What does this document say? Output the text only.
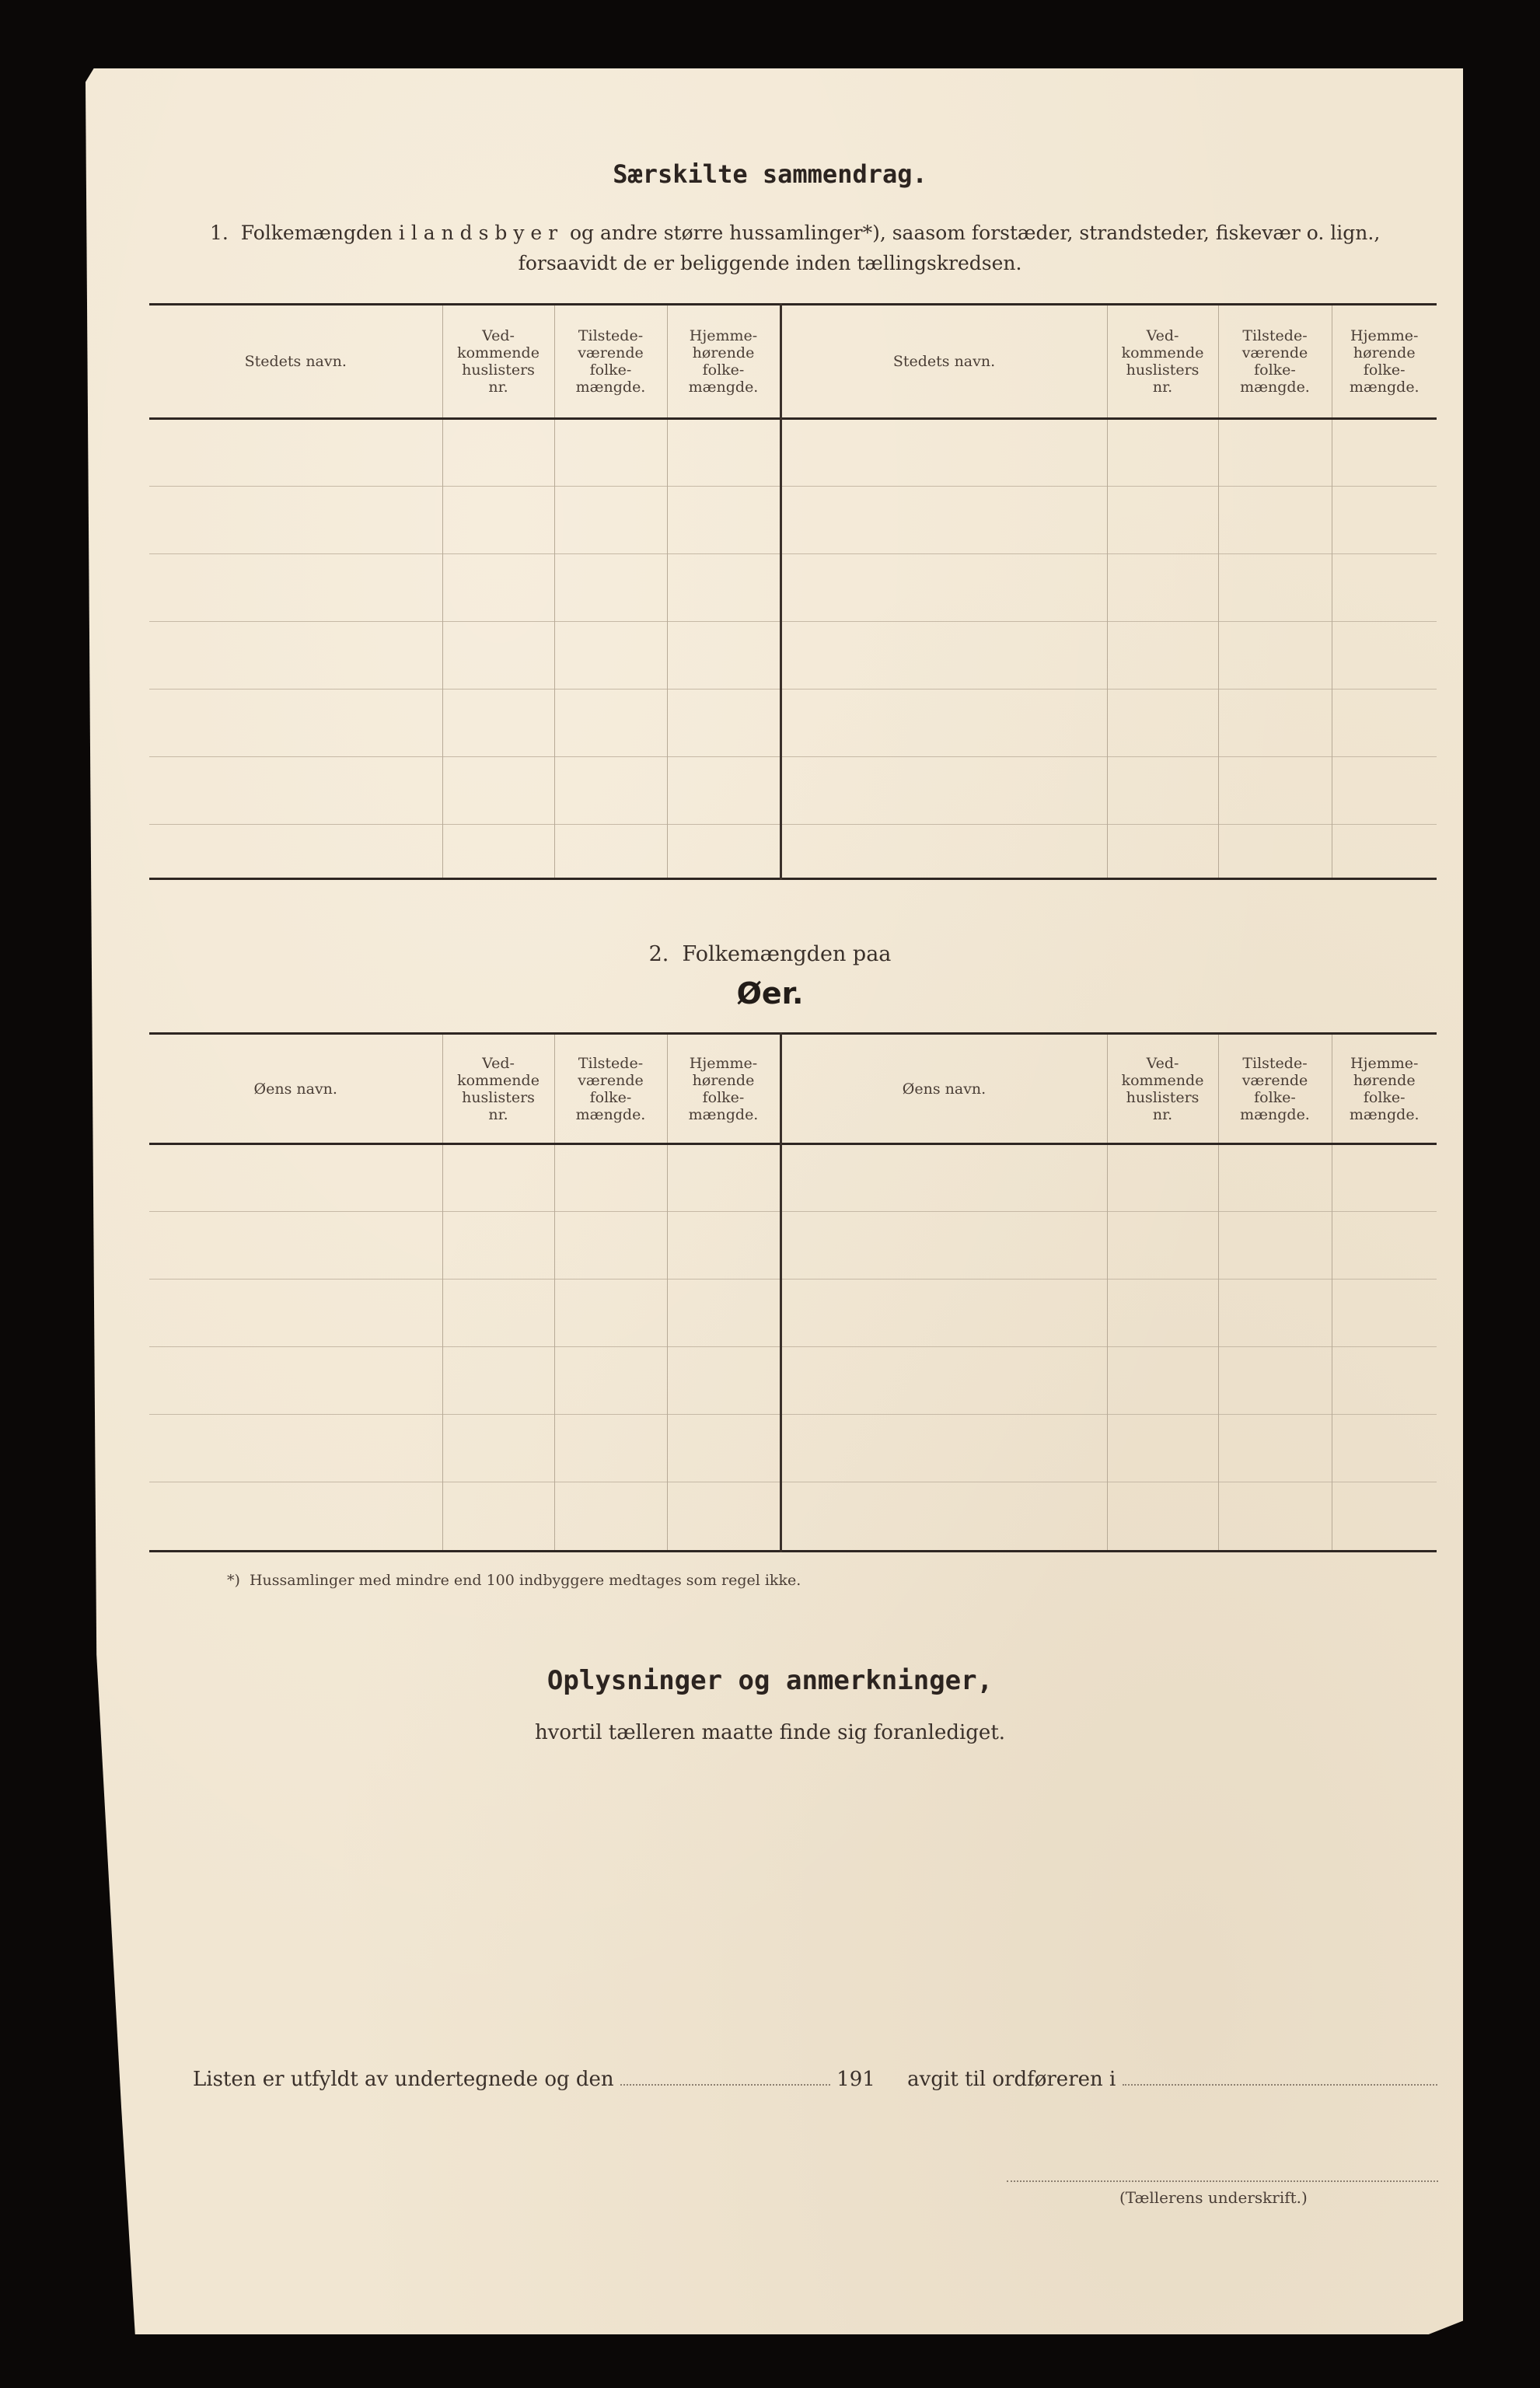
Særskilte sammendrag.
1.  Folkemængden i l a n d s b y e r  og andre større hussamlinger*), saasom forstæder, strandsteder, fiskevær o. lign.,
forsaavidt de er beliggende inden tællingskredsen.
Stedets navn.	Ved-
kommende
huslisters
nr.	Tilstede-
værende
folke-
mængde.	Hjemme-
hørende
folke-
mængde.	Stedets navn.	Ved-
kommende
huslisters
nr.	Tilstede-
værende
folke-
mængde.	Hjemme-
hørende
folke-
mængde.

2.  Folkemængden paa
Øer.
Øens navn.	Ved-
kommende
huslisters
nr.	Tilstede-
værende
folke-
mængde.	Hjemme-
hørende
folke-
mængde.	Øens navn.	Ved-
kommende
huslisters
nr.	Tilstede-
værende
folke-
mængde.	Hjemme-
hørende
folke-
mængde.

*)  Hussamlinger med mindre end 100 indbyggere medtages som regel ikke.
Oplysninger og anmerkninger,
hvortil tælleren maatte finde sig foranlediget.
Listen er utfyldt av undertegnede og den	191 avgit til ordføreren i
(Tællerens underskrift.)
